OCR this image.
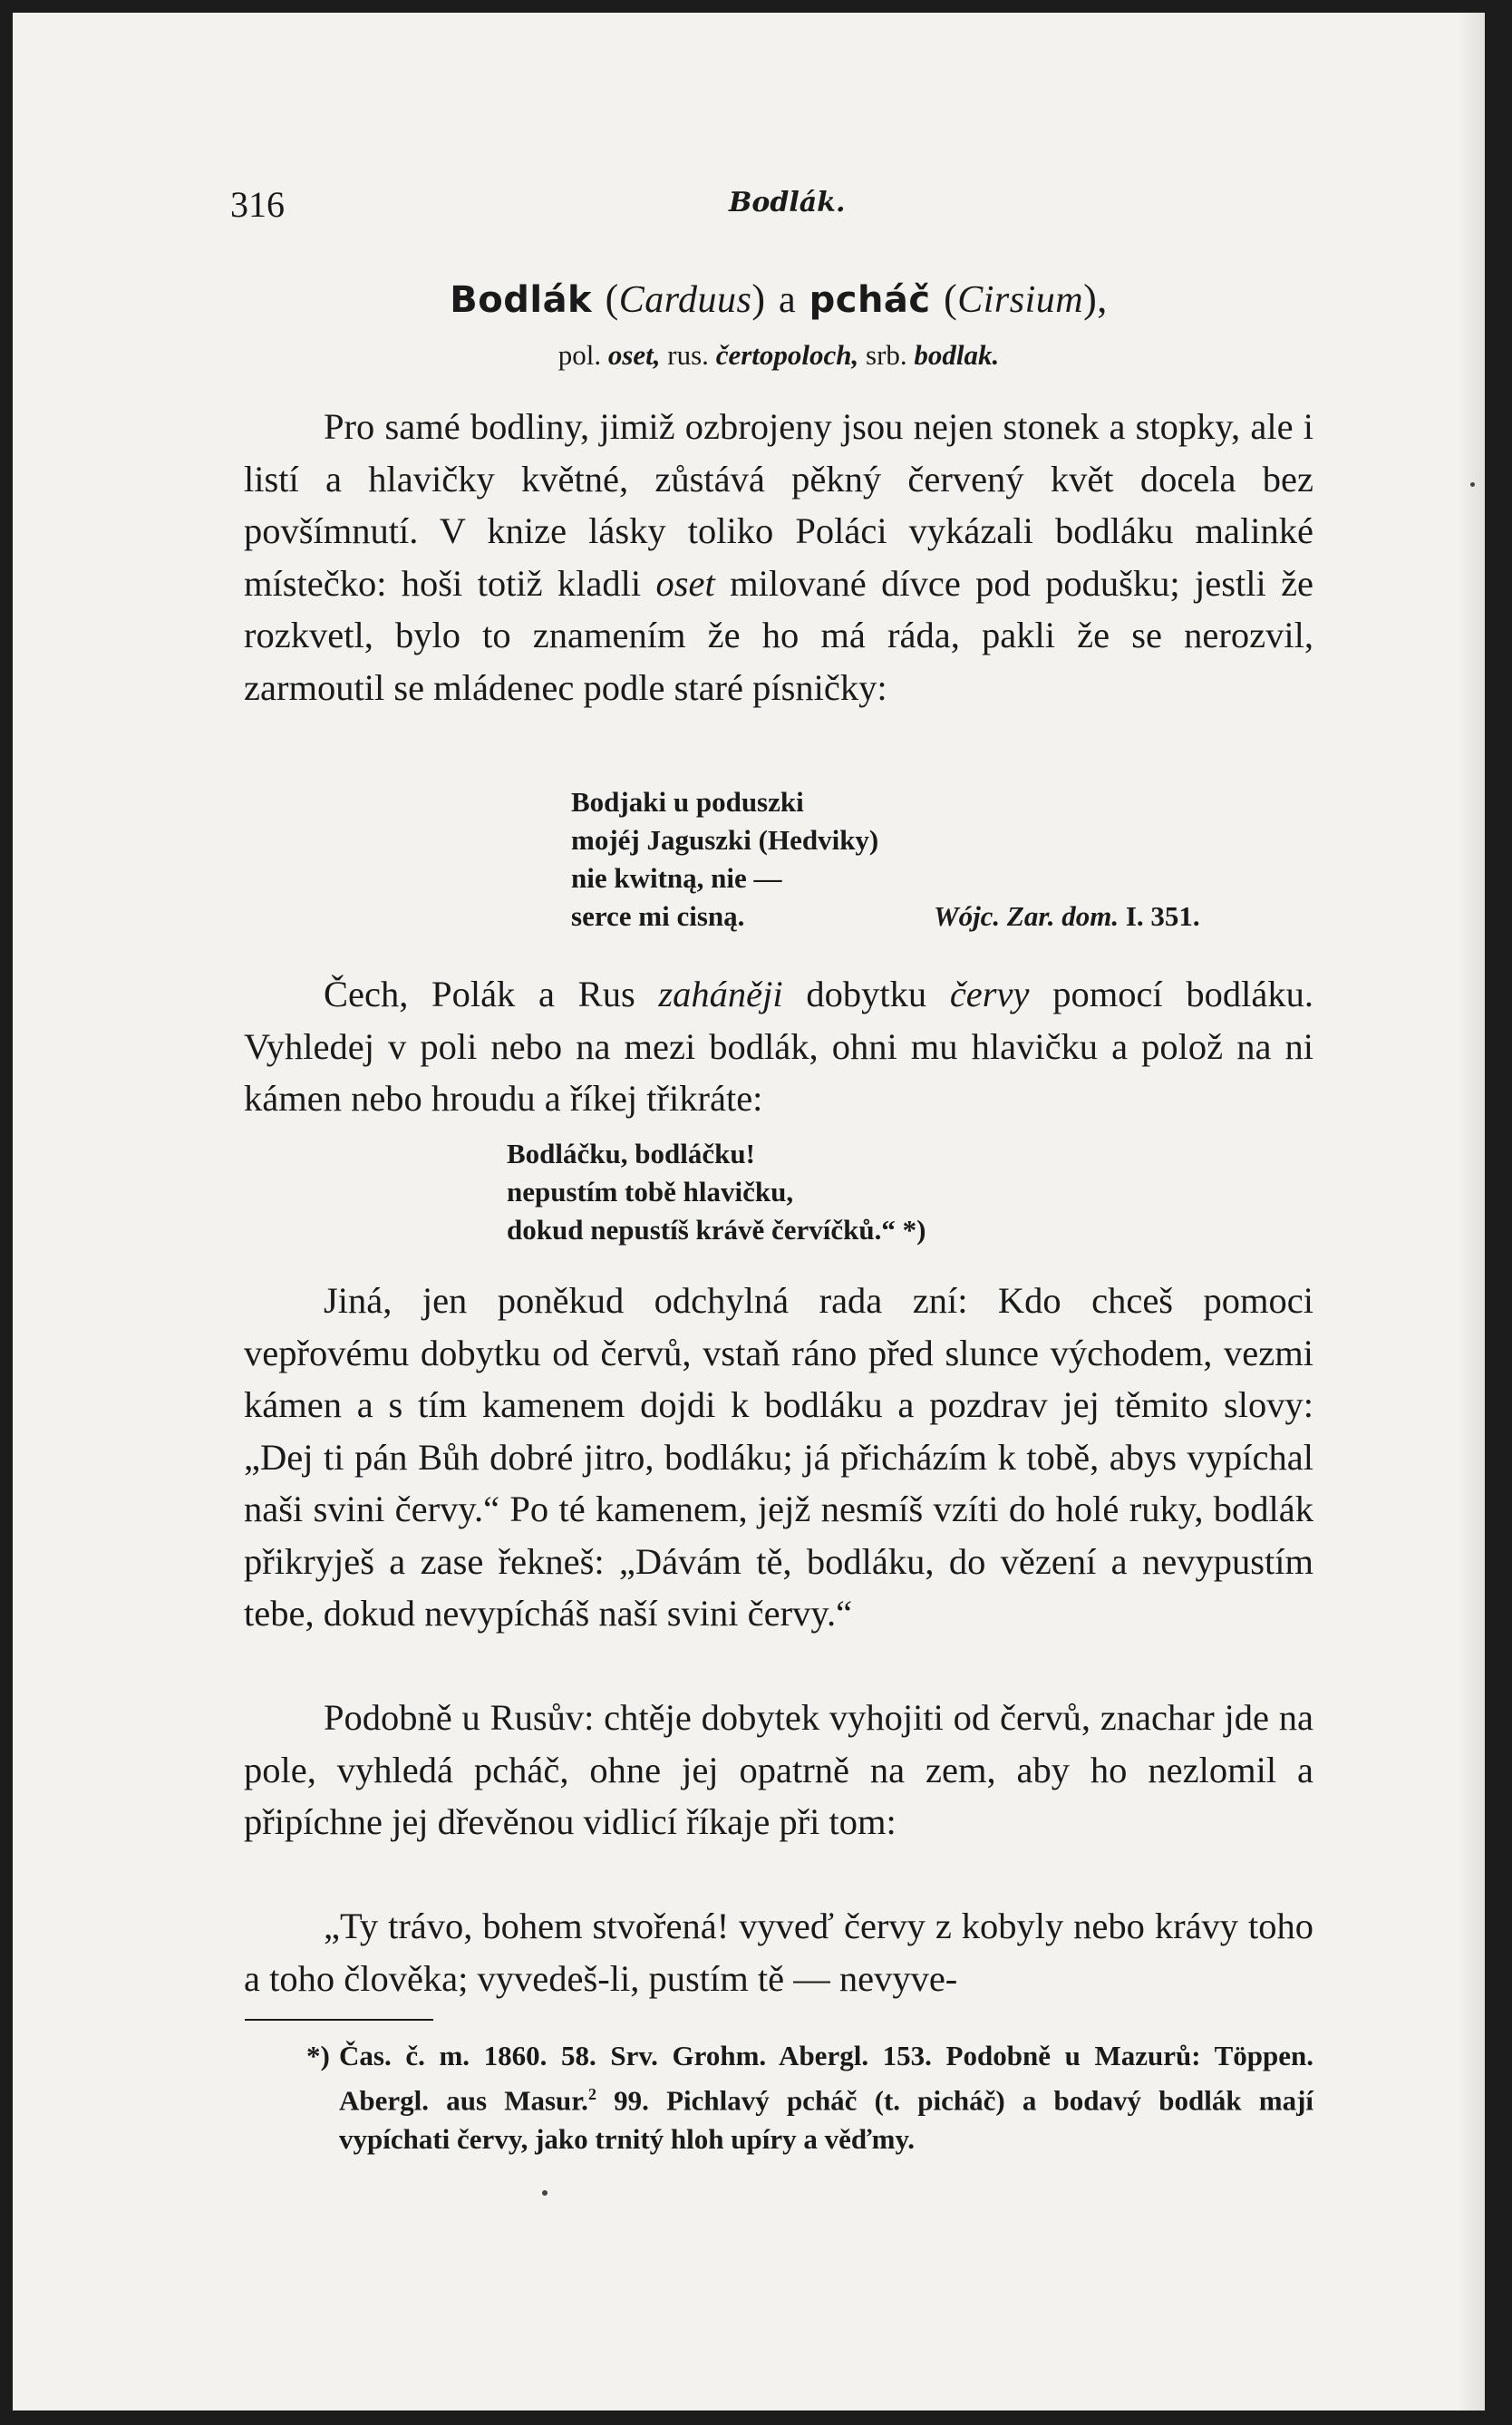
316	Bodlák.
Bodlák (Carduus) a pcháč (Cirsium),
pol. oset, rus. čertopoloch, srb. bodlak.

Pro samé bodliny, jimiž ozbrojeny jsou nejen stonek a stopky, ale i listí a hlavičky květné, zůstává pěkný červený květ docela bez povšímnutí. V knize lásky toliko Poláci vykázali bodláku malinké místečko: hoši totiž kladli oset milované dívce pod podušku; jestli že rozkvetl, bylo to znamením že ho má ráda, pakli že se nerozvil, zarmoutil se mládenec podle staré písničky:

Bodjaki u poduszki
mojéj Jaguszki (Hedviky)
nie kwitną, nie —
serce mi cisną.	Wójc. Zar. dom. I. 351.

Čech, Polák a Rus zaháněji dobytku červy pomocí bodláku. Vyhledej v poli nebo na mezi bodlák, ohni mu hlavičku a polož na ni kámen nebo hroudu a říkej třikráte:

Bodláčku, bodláčku!
nepustím tobě hlavičku,
dokud nepustíš krávě červíčků.“ *)

Jiná, jen poněkud odchylná rada zní: Kdo chceš pomoci vepřovému dobytku od červů, vstaň ráno před slunce východem, vezmi kámen a s tím kamenem dojdi k bodláku a pozdrav jej těmito slovy: „Dej ti pán Bůh dobré jitro, bodláku; já přicházím k tobě, abys vypíchal naši svini červy.“ Po té kamenem, jejž nesmíš vzíti do holé ruky, bodlák přikryješ a zase řekneš: „Dávám tě, bodláku, do vězení a nevypustím tebe, dokud nevypícháš naší svini červy.“

Podobně u Rusův: chtěje dobytek vyhojiti od červů, znachar jde na pole, vyhledá pcháč, ohne jej opatrně na zem, aby ho nezlomil a připíchne jej dřevěnou vidlicí říkaje při tom:

„Ty trávo, bohem stvořená! vyveď červy z kobyly nebo krávy toho a toho člověka; vyvedeš-li, pustím tě — nevyve-

*) Čas. č. m. 1860. 58. Srv. Grohm. Abergl. 153. Podobně u Mazurů: Töppen. Abergl. aus Masur.$^2$ 99. Pichlavý pcháč (t. picháč) a bodavý bodlák mají vypíchati červy, jako trnitý hloh upíry a věďmy.
